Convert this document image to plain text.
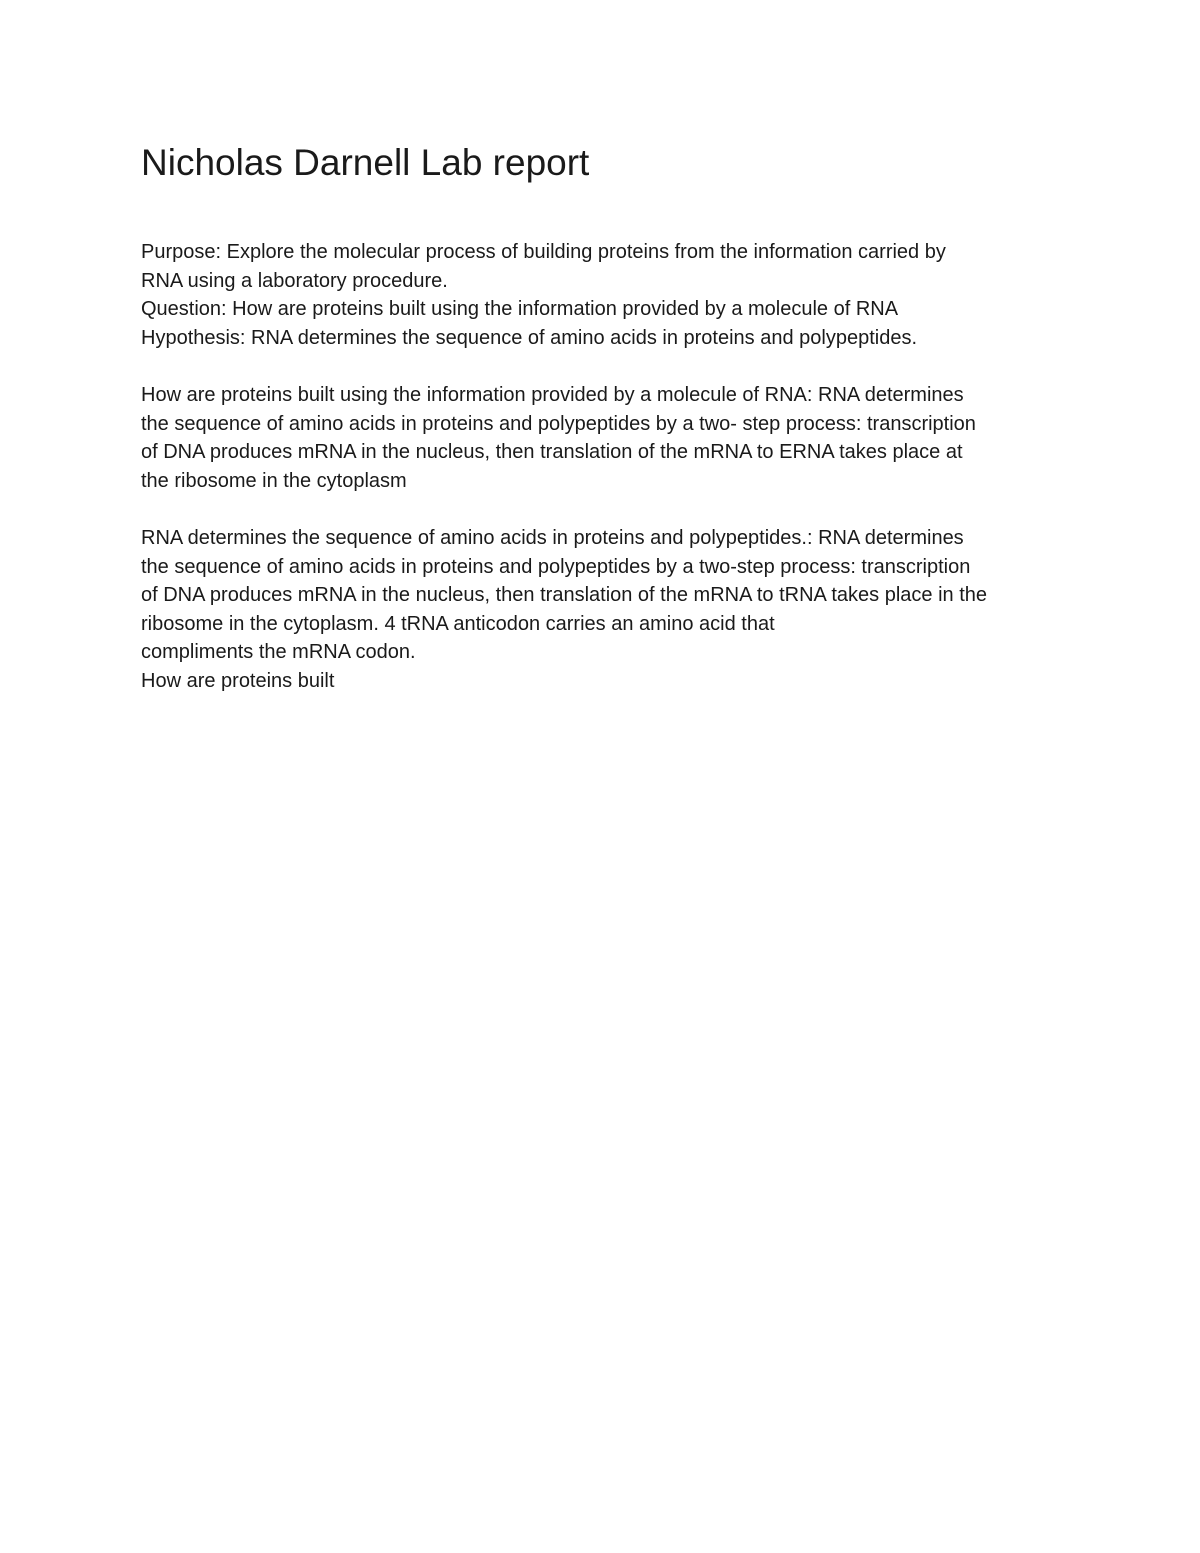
Nicholas Darnell Lab report
Purpose: Explore the molecular process of building proteins from the information carried by
RNA using a laboratory procedure.
Question: How are proteins built using the information provided by a molecule of RNA
Hypothesis: RNA determines the sequence of amino acids in proteins and polypeptides.
How are proteins built using the information provided by a molecule of RNA: RNA determines
the sequence of amino acids in proteins and polypeptides by a two- step process: transcription
of DNA produces mRNA in the nucleus, then translation of the mRNA to ERNA takes place at
the ribosome in the cytoplasm
RNA determines the sequence of amino acids in proteins and polypeptides.: RNA determines
the sequence of amino acids in proteins and polypeptides by a two-step process: transcription
of DNA produces mRNA in the nucleus, then translation of the mRNA to tRNA takes place in the
ribosome in the cytoplasm. 4 tRNA anticodon carries an amino acid that
compliments the mRNA codon.
How are proteins built
